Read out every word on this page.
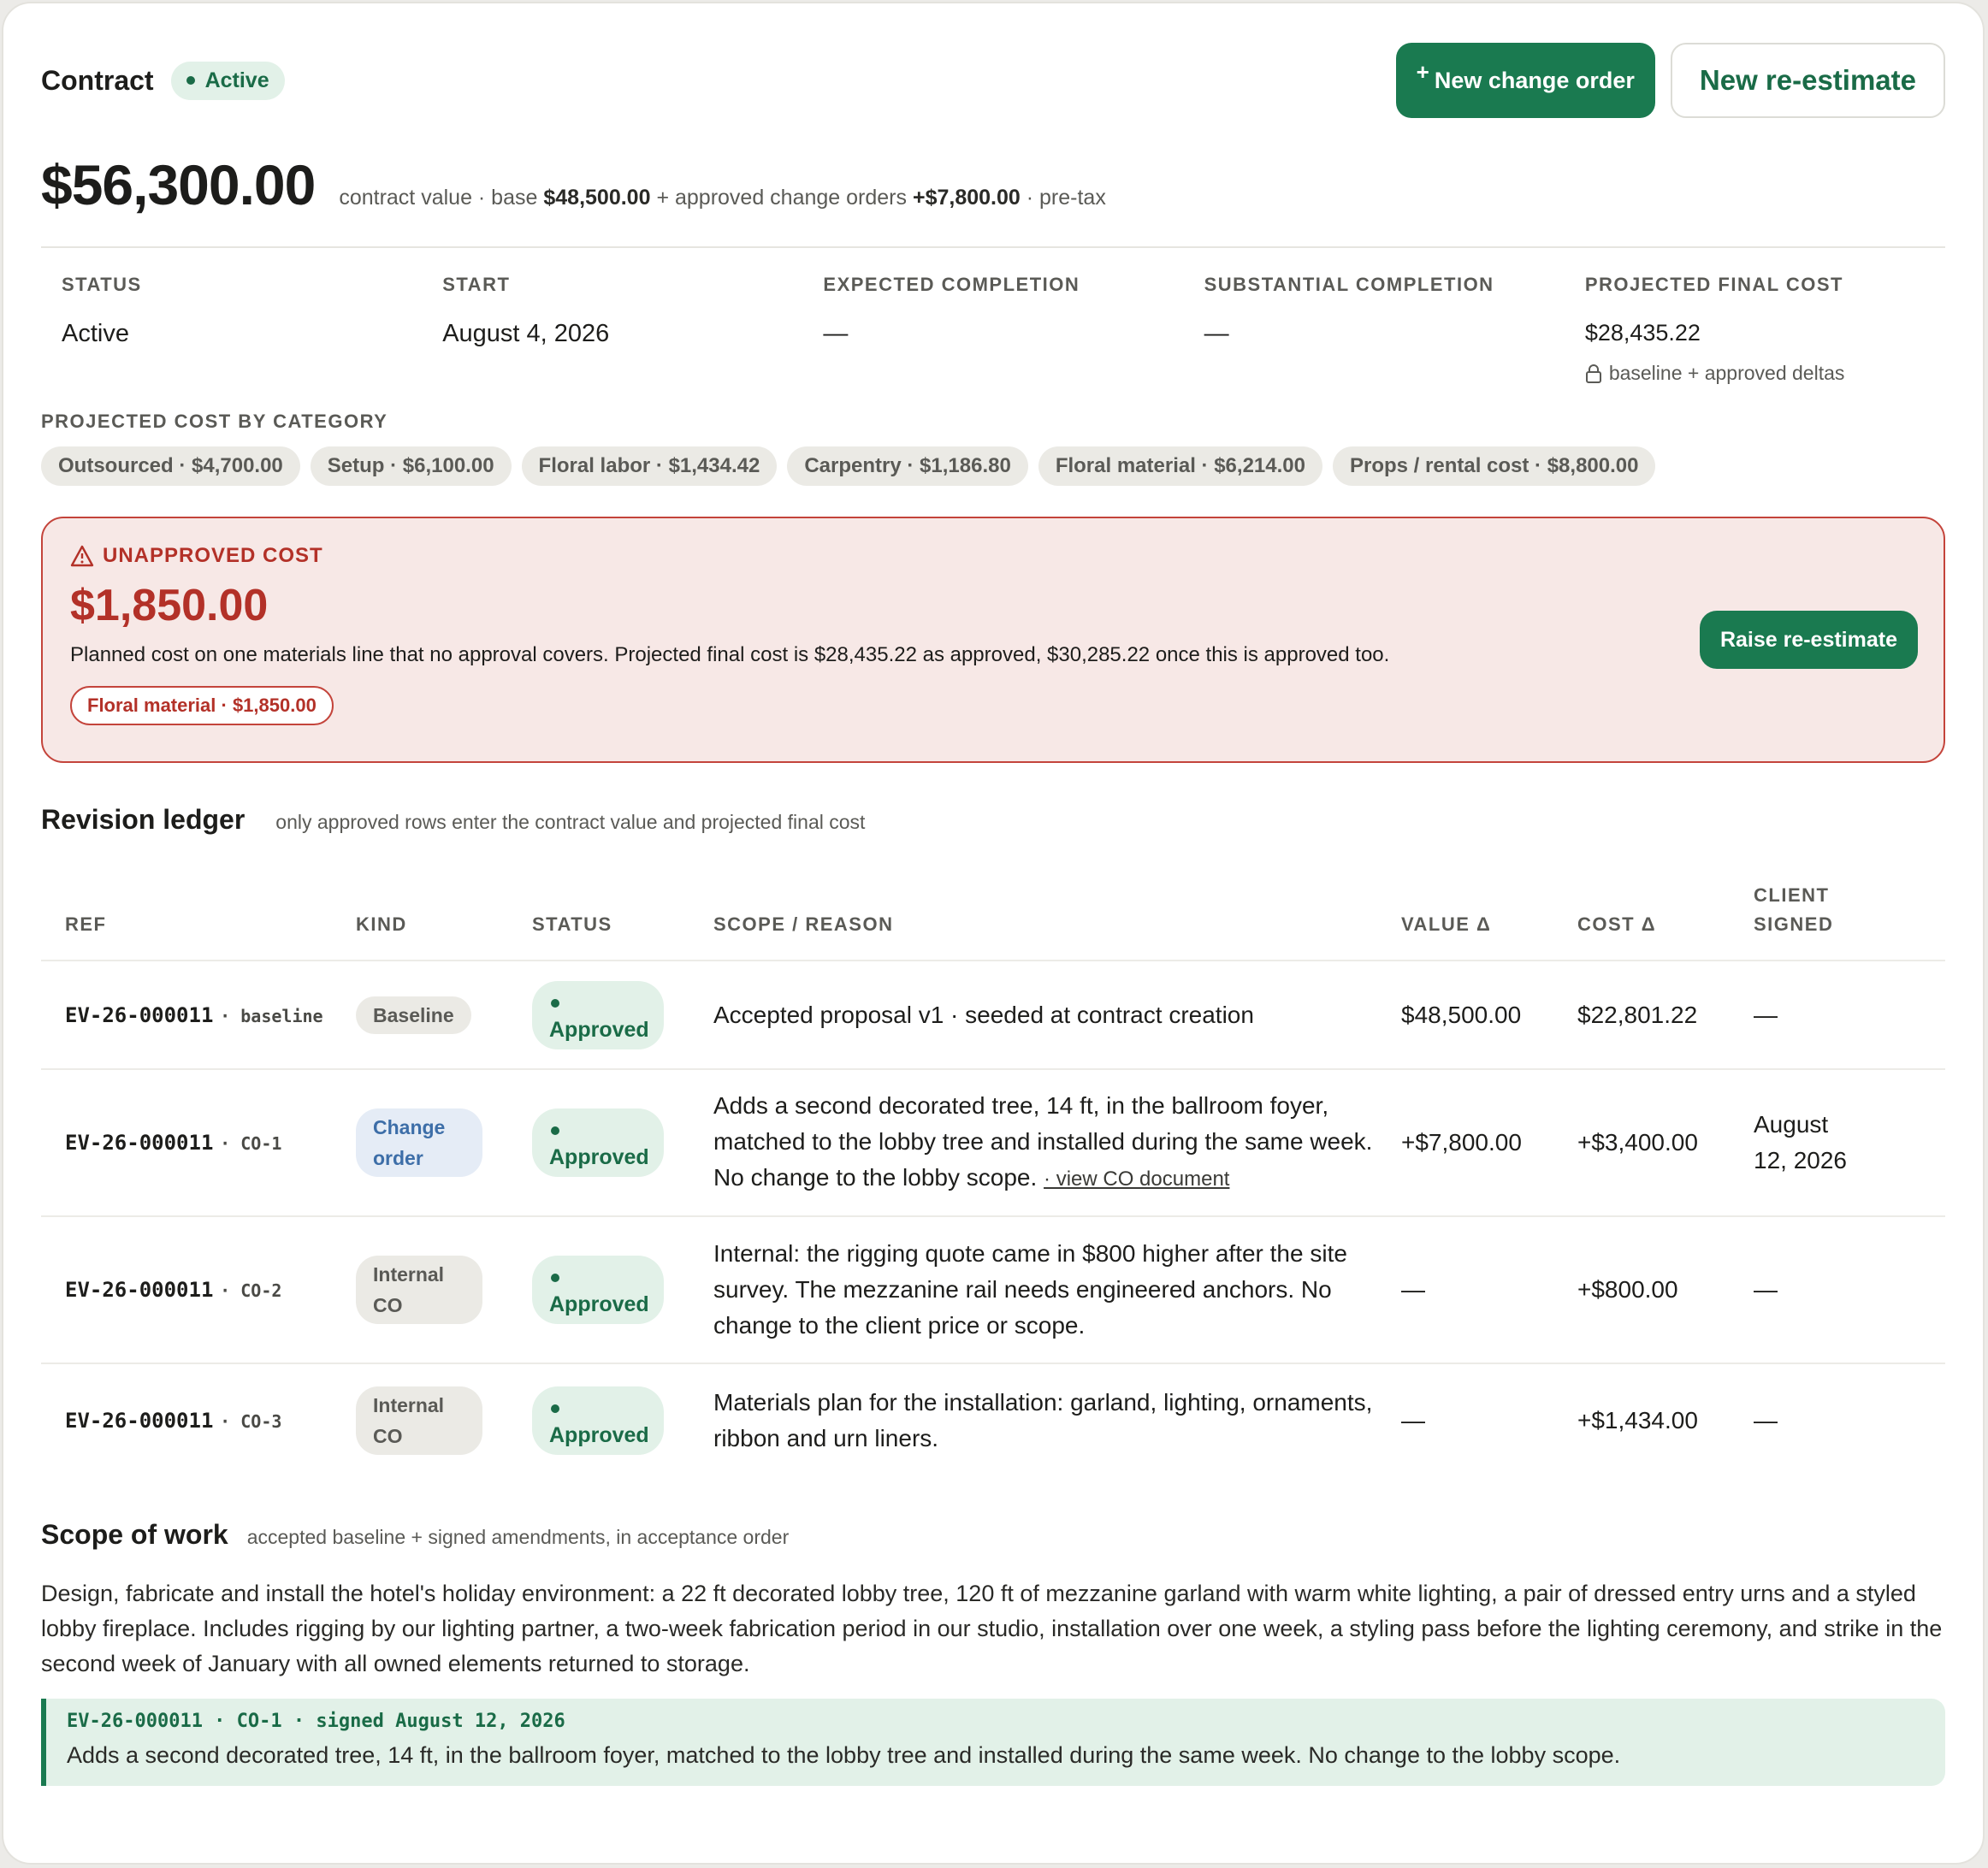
Contract Active	+ New change order	New re-estimate
$56,300.00 contract value · base $48,500.00 + approved change orders +$7,800.00 · pre-tax
STATUS
Active
START
August 4, 2026
EXPECTED COMPLETION
—
SUBSTANTIAL COMPLETION
—
PROJECTED FINAL COST
$28,435.22
baseline + approved deltas
PROJECTED COST BY CATEGORY
Outsourced · $4,700.00	Setup · $6,100.00	Floral labor · $1,434.42	Carpentry · $1,186.80	Floral material · $6,214.00	Props / rental cost · $8,800.00
UNAPPROVED COST
$1,850.00
Planned cost on one materials line that no approval covers. Projected final cost is $28,435.22 as approved, $30,285.22 once this is approved too.
Floral material · $1,850.00
Raise re-estimate
Revision ledger only approved rows enter the contract value and projected final cost
REF	KIND	STATUS	SCOPE / REASON	VALUE Δ	COST Δ	CLIENT SIGNED

EV-26-000011 · baseline	Baseline	Approved	Accepted proposal v1 · seeded at contract creation	$48,500.00	$22,801.22	—
EV-26-000011 · CO-1	Change order	Approved	Adds a second decorated tree, 14 ft, in the ballroom foyer, matched to the lobby tree and installed during the same week. No change to the lobby scope. · view CO document	+$7,800.00	+$3,400.00	August 12, 2026

EV-26-000011 · CO-2	Internal CO	Approved	Internal: the rigging quote came in $800 higher after the site survey. The mezzanine rail needs engineered anchors. No change to the client price or scope.	—	+$800.00	—
EV-26-000011 · CO-3	Internal CO	Approved	Materials plan for the installation: garland, lighting, ornaments, ribbon and urn liners.	—	+$1,434.00	—
Scope of work accepted baseline + signed amendments, in acceptance order
Design, fabricate and install the hotel's holiday environment: a 22 ft decorated lobby tree, 120 ft of mezzanine garland with warm white lighting, a pair of dressed entry urns and a styled lobby fireplace. Includes rigging by our lighting partner, a two-week fabrication period in our studio, installation over one week, a styling pass before the lighting ceremony, and strike in the second week of January with all owned elements returned to storage.
EV-26-000011 · CO-1 · signed August 12, 2026
Adds a second decorated tree, 14 ft, in the ballroom foyer, matched to the lobby tree and installed during the same week. No change to the lobby scope.
